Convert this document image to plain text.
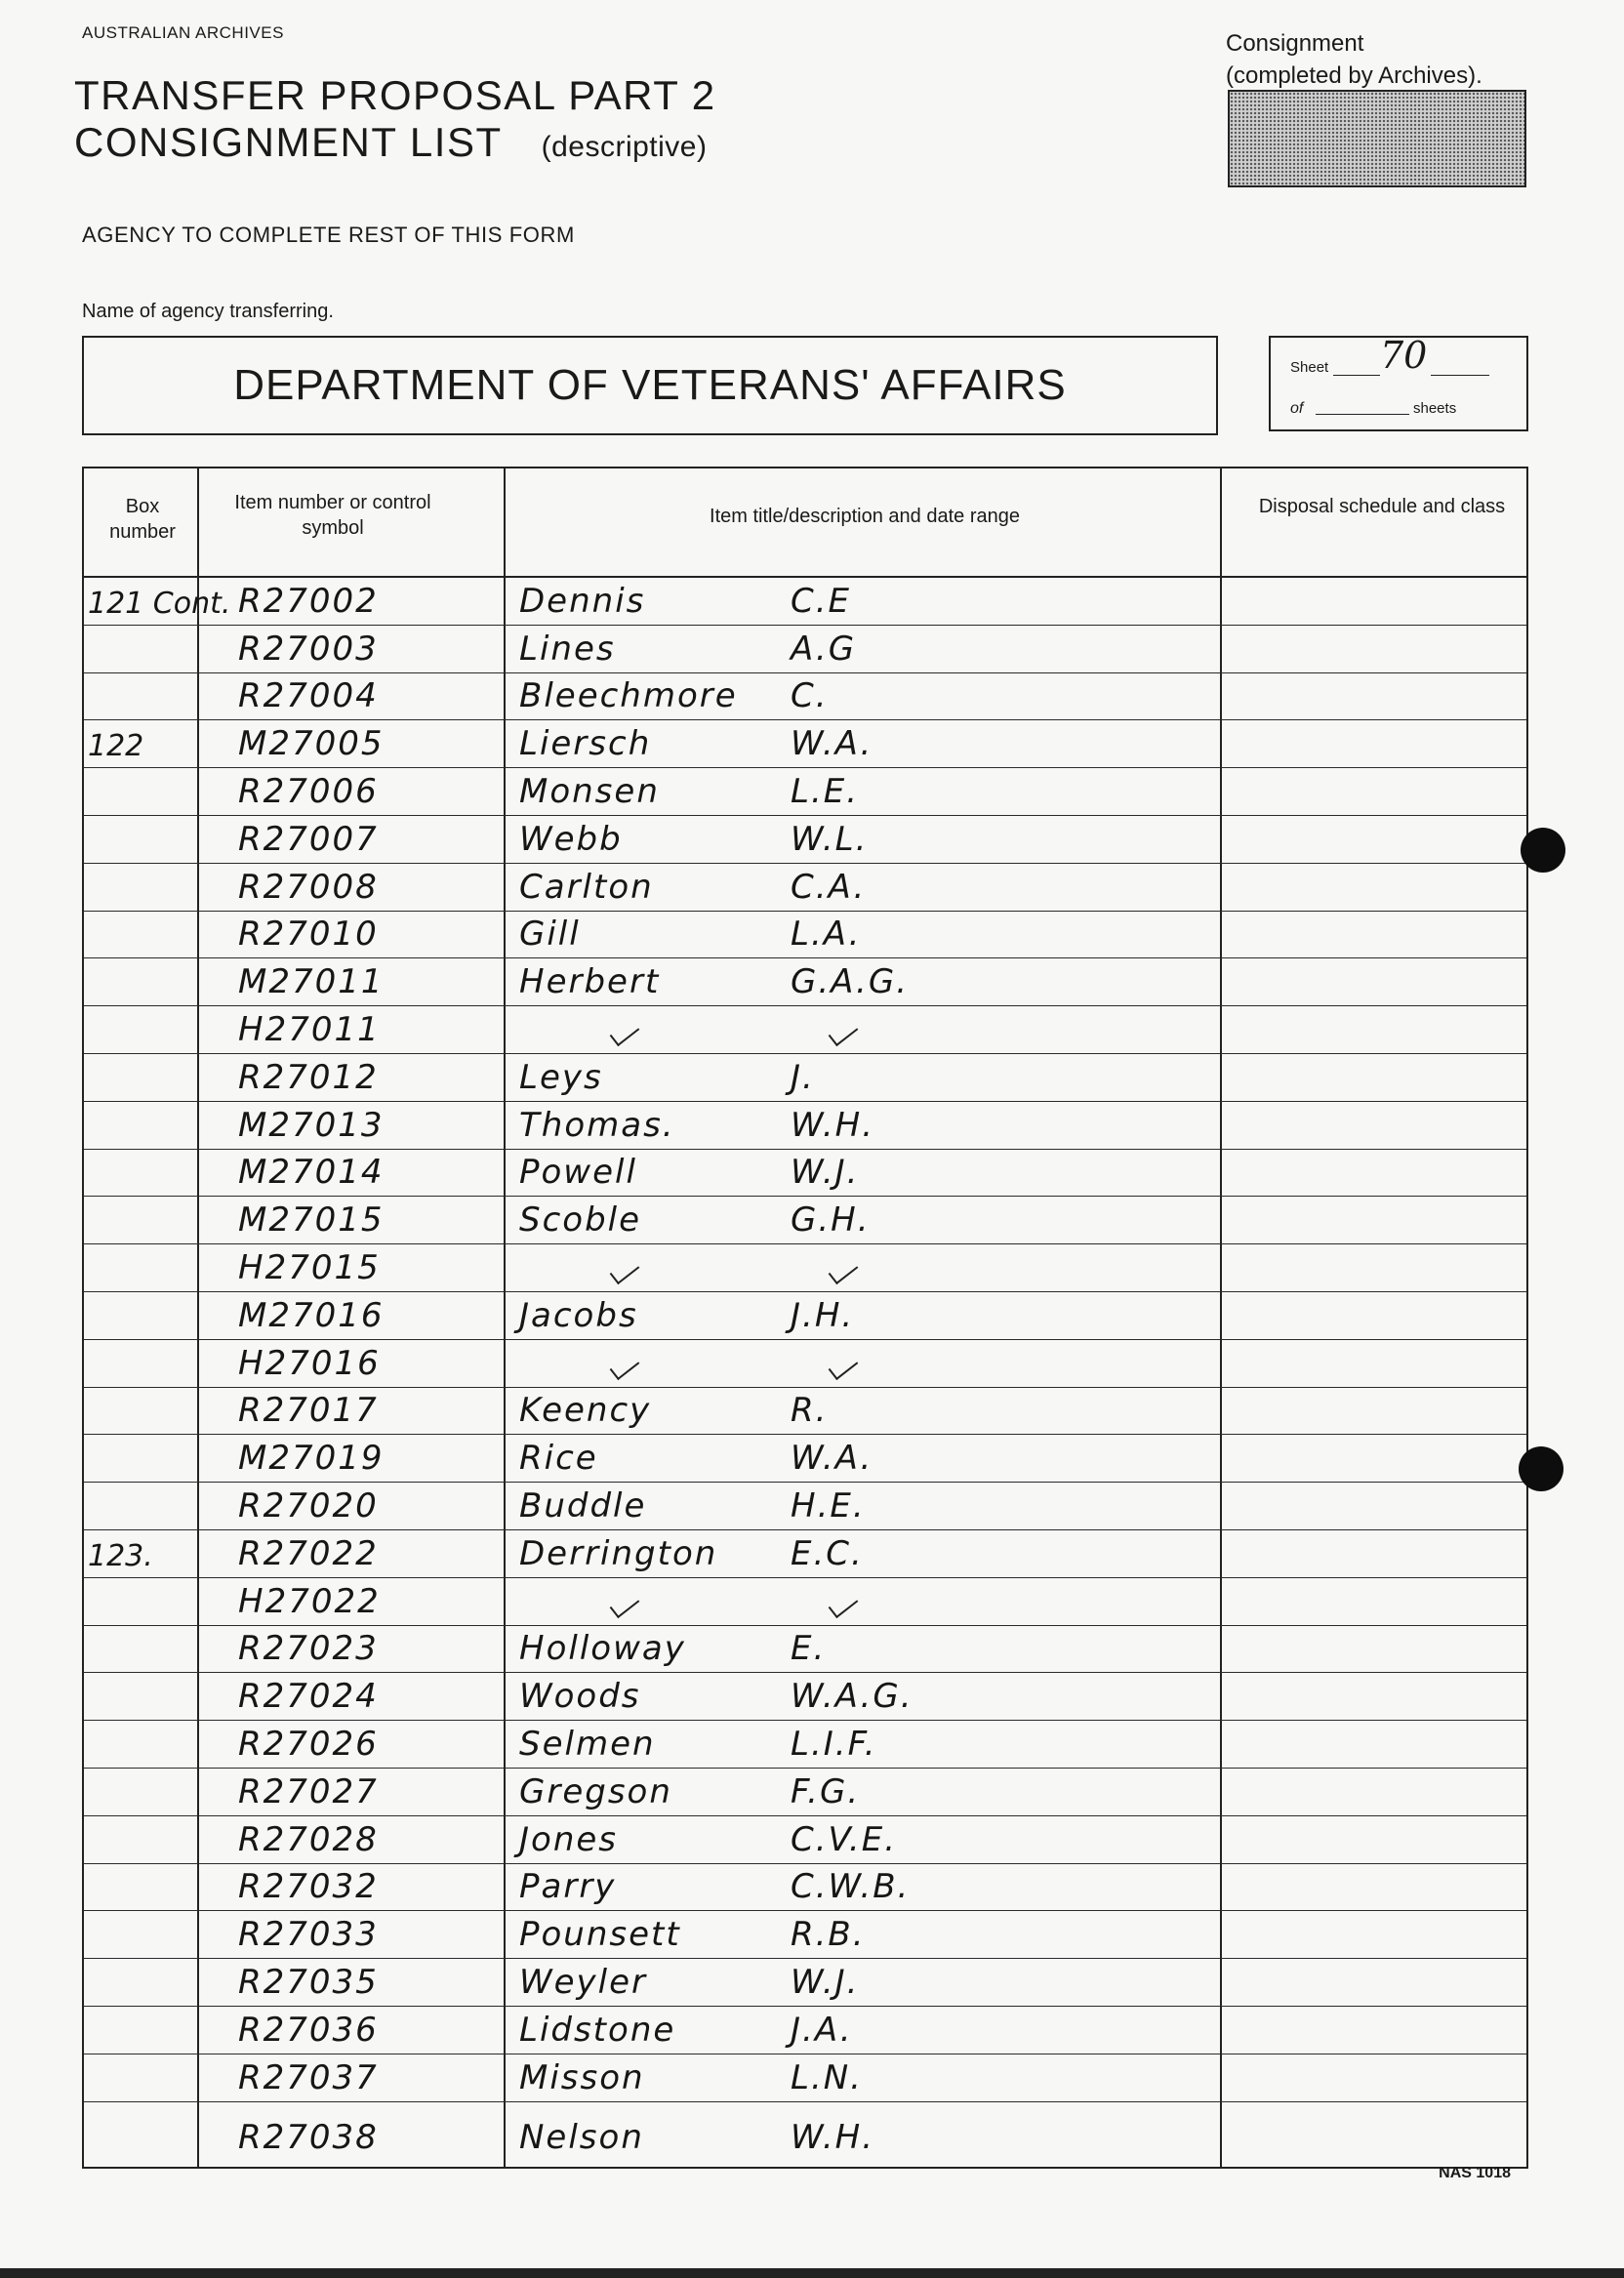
AUSTRALIAN ARCHIVES
TRANSFER PROPOSAL PART 2
CONSIGNMENT LIST (descriptive)
Consignment
(completed by Archives).
AGENCY TO COMPLETE REST OF THIS FORM
Name of agency transferring.
DEPARTMENT OF VETERANS' AFFAIRS	Sheet 70
of	sheets
Box number
Item number or control symbol
Item title/description and date range	Disposal schedule and class
121 Cont. R27002	Dennis	C.E
R27003	Lines	A.G
R27004	Bleechmore	C.
122	M27005	Liersch	W.A.
R27006	Monsen	L.E.
R27007	Webb	W.L.
R27008	Carlton	C.A.
R27010	Gill	L.A.
M27011	Herbert	G.A.G.
H27011
R27012	Leys	J.
M27013	Thomas.	W.H.
M27014	Powell	W.J.
M27015	Scoble	G.H.
H27015
M27016	Jacobs	J.H.
H27016
R27017	Keency	R.
M27019	Rice	W.A.
R27020	Buddle	H.E.
123.	R27022	Derrington	E.C.
H27022
R27023	Holloway	E.
R27024	Woods	W.A.G.
R27026	Selmen	L.I.F.
R27027	Gregson	F.G.
R27028	Jones	C.V.E.
R27032	Parry	C.W.B.
R27033	Pounsett	R.B.
R27035	Weyler	W.J.
R27036	Lidstone	J.A.
R27037	Misson	L.N.
R27038	Nelson	W.H.
NAS 1018
